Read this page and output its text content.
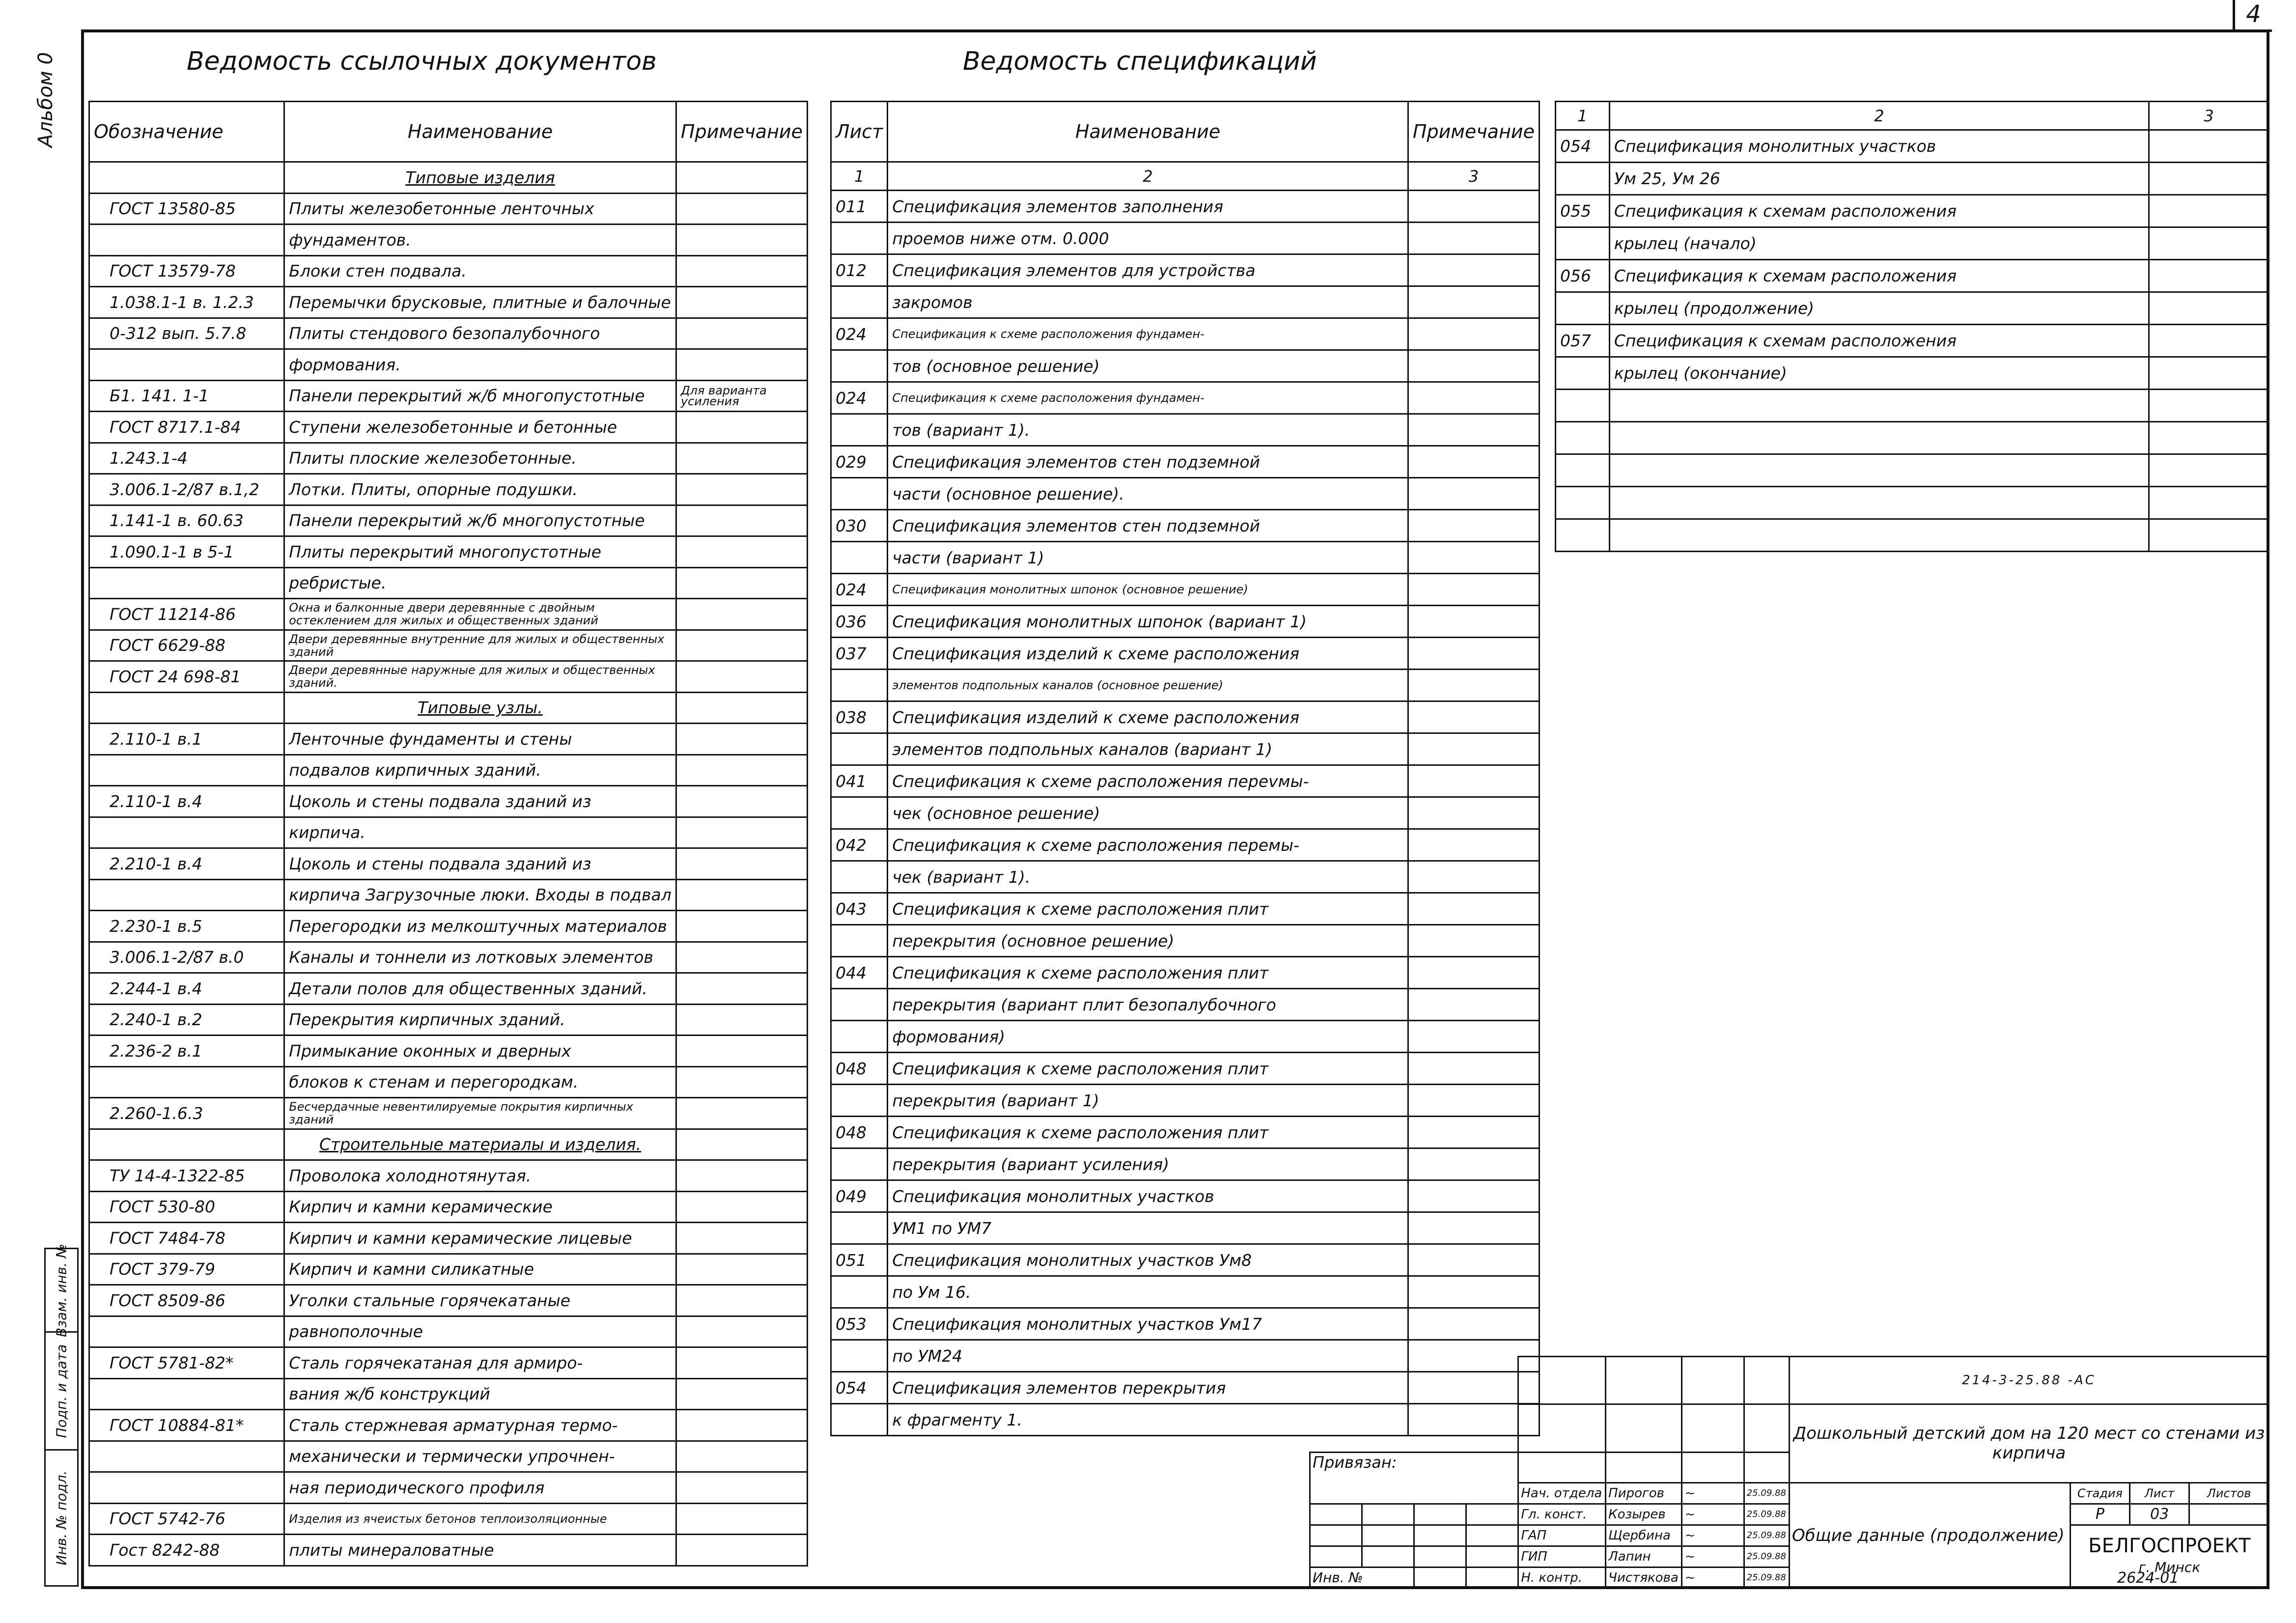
4
Альбом 0	Ведомость ссылочных документов	Ведомость спецификаций
Обозначение	Наименование	Примечание
	Типовые изделия	
ГОСТ 13580-85	Плиты железобетонные ленточных	
	фундаментов.	
ГОСТ 13579-78	Блоки стен подвала.	
1.038.1-1 в. 1.2.3	Перемычки брусковые, плитные и балочные	
0-312 вып. 5.7.8	Плиты стендового безопалубочного	
	формования.	
Б1. 141. 1-1	Панели перекрытий ж/б многопустотные	Для варианта усиления
ГОСТ 8717.1-84	Ступени железобетонные и бетонные	
1.243.1-4	Плиты плоские железобетонные.	
3.006.1-2/87 в.1,2	Лотки. Плиты, опорные подушки.	
1.141-1 в. 60.63	Панели перекрытий ж/б многопустотные	
1.090.1-1 в 5-1	Плиты перекрытий многопустотные	
	ребристые.	
ГОСТ 11214-86	Окна и балконные двери деревянные с двойным остеклением для жилых и общественных зданий	
ГОСТ 6629-88	Двери деревянные внутренние для жилых и общественных зданий	
ГОСТ 24 698-81	Двери деревянные наружные для жилых и общественных зданий.	
	Типовые узлы.	
2.110-1 в.1	Ленточные фундаменты и стены	
	подвалов кирпичных зданий.	
2.110-1 в.4	Цоколь и стены подвала зданий из	
	кирпича.	
2.210-1 в.4	Цоколь и стены подвала зданий из	
	кирпича Загрузочные люки. Входы в подвал	
2.230-1 в.5	Перегородки из мелкоштучных материалов	
3.006.1-2/87 в.0	Каналы и тоннели из лотковых элементов	
2.244-1 в.4	Детали полов для общественных зданий.	
2.240-1 в.2	Перекрытия кирпичных зданий.	
2.236-2 в.1	Примыкание оконных и дверных	
	блоков к стенам и перегородкам.	
2.260-1.6.3	Бесчердачные невентилируемые покрытия кирпичных зданий	
	Строительные материалы и изделия.	
ТУ 14-4-1322-85	Проволока холоднотянутая.	
ГОСТ 530-80	Кирпич и камни керамические	
ГОСТ 7484-78	Кирпич и камни керамические лицевые	
ГОСТ 379-79	Кирпич и камни силикатные	
ГОСТ 8509-86	Уголки стальные горячекатаные	
	равнополочные	
ГОСТ 5781-82*	Сталь горячекатаная для армиро-	
	вания ж/б конструкций	
ГОСТ 10884-81*	Сталь стержневая арматурная термо-	
	механически и термически упрочнен-	
	ная периодического профиля	
ГОСТ 5742-76	Изделия из ячеистых бетонов теплоизоляционные	
Гост 8242-88	плиты минераловатные	
Лист	Наименование	Примечание
1	2	3
011	Спецификация элементов заполнения	
	проемов ниже отм. 0.000	
012	Спецификация элементов для устройства	
	закромов	
024	Спецификация к схеме расположения фундамен-	
	тов (основное решение)	
024	Спецификация к схеме расположения фундамен-	
	тов (вариант 1).	
029	Спецификация элементов стен подземной	
	части (основное решение).	
030	Спецификация элементов стен подземной	
	части (вариант 1)	
024	Спецификация монолитных шпонок (основное решение)	
036	Спецификация монолитных шпонок (вариант 1)	
037	Спецификация изделий к схеме расположения	
	элементов подпольных каналов (основное решение)	
038	Спецификация изделий к схеме расположения	
	элементов подпольных каналов (вариант 1)	
041	Спецификация к схеме расположения переvмы-	
	чек (основное решение)	
042	Спецификация к схеме расположения перемы-	
	чек (вариант 1).	
043	Спецификация к схеме расположения плит	
	перекрытия (основное решение)	
044	Спецификация к схеме расположения плит	
	перекрытия (вариант плит безопалубочного	
	формования)	
048	Спецификация к схеме расположения плит	
	перекрытия (вариант 1)	
048	Спецификация к схеме расположения плит	
	перекрытия (вариант усиления)	
049	Спецификация монолитных участков	
	УМ1 по УМ7	
051	Спецификация монолитных участков Ум8	
	по Ум 16.	
053	Спецификация монолитных участков Ум17	
	по УМ24	
054	Спецификация элементов перекрытия	
	к фрагменту 1.	
1	2	3
054	Спецификация монолитных участков	
	Ум 25, Ум 26	
055	Спецификация к схемам расположения	
	крылец (начало)	
056	Спецификация к схемам расположения	
	крылец (продолжение)	
057	Спецификация к схемам расположения	
	крылец (окончание)	

Взам. инв. №
Подп. и дата
Инв. № подл.
								214-3-25.88 -АС			
								Дошкольный детский дом на 120 мест со стенами из кирпича			
Привязан:											
				Нач. отдела	Пирогов	~	25.09.88	Общие данные (продолжение)	Стадия	Лист	Листов
				Гл. конст.	Козырев	~	25.09.88		Р	03	
				ГАП	Щербина	~	25.09.88		БЕЛГОСПРОЕКТ
г. Минск		

				ГИП	Лапин	~	25.09.88				
Инв. №				Н. контр.	Чистякова	~	25.09.88					2624-01
